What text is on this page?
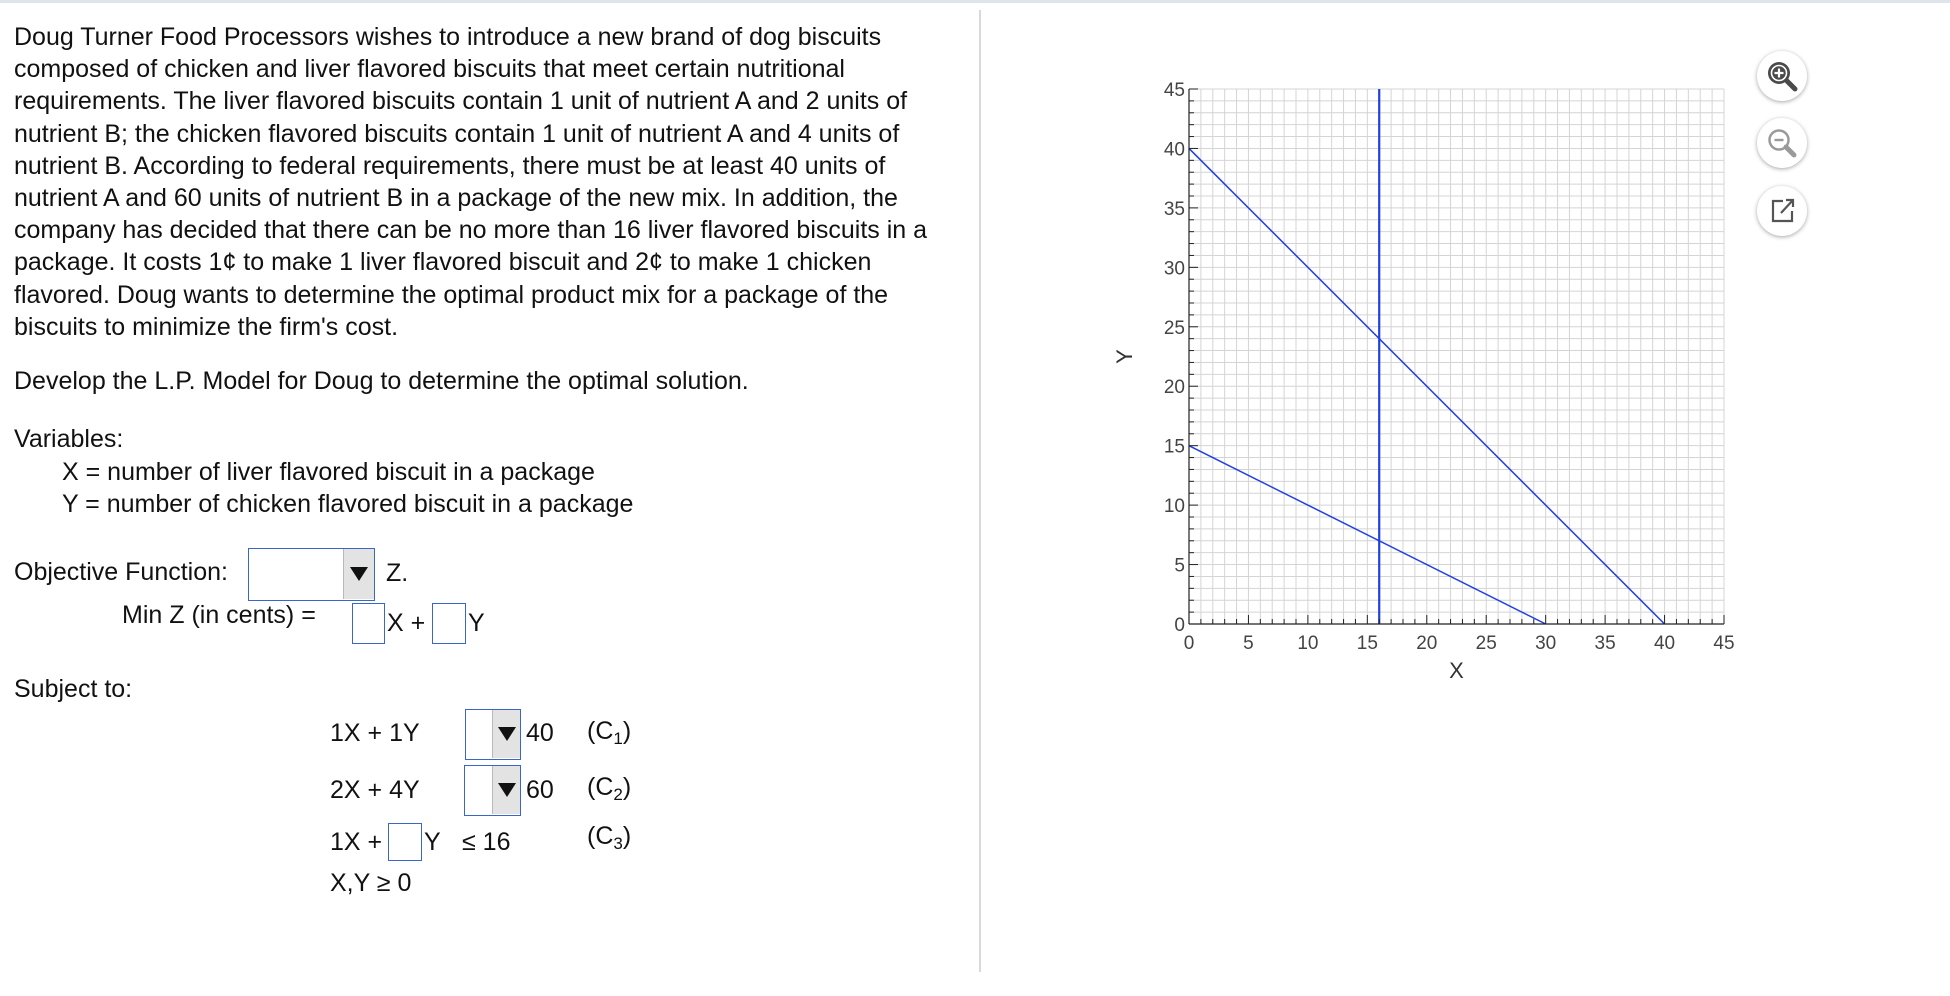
Doug Turner Food Processors wishes to introduce a new brand of dog biscuits composed of chicken and liver flavored biscuits that meet certain nutritional requirements. The liver flavored biscuits contain 1 unit of nutrient A and 2 units of nutrient B; the chicken flavored biscuits contain 1 unit of nutrient A and 4 units of nutrient B. According to federal requirements, there must be at least 40 units of nutrient A and 60 units of nutrient B in a package of the new mix. In addition, the company has decided that there can be no more than 16 liver flavored biscuits in a package. It costs 1¢ to make 1 liver flavored biscuit and 2¢ to make 1 chicken flavored. Doug wants to determine the optimal product mix for a package of the biscuits to minimize the firm's cost.

Develop the L.P. Model for Doug to determine the optimal solution.
Variables:
X = number of liver flavored biscuit in a package
Y = number of chicken flavored biscuit in a package
Objective Function:	Z.
Min Z (in cents) =	X + Y
Subject to:
1X + 1Y	40 $(C_1)$
2X + 4Y	60 $(C_2)$
1X + Y ≤ 16	$(C_3)$
X,Y ≥ 0
0	5 10 15 20 25 30 35 40 45
0
5
10
15
20
25
30
35
40
45
X
Y
